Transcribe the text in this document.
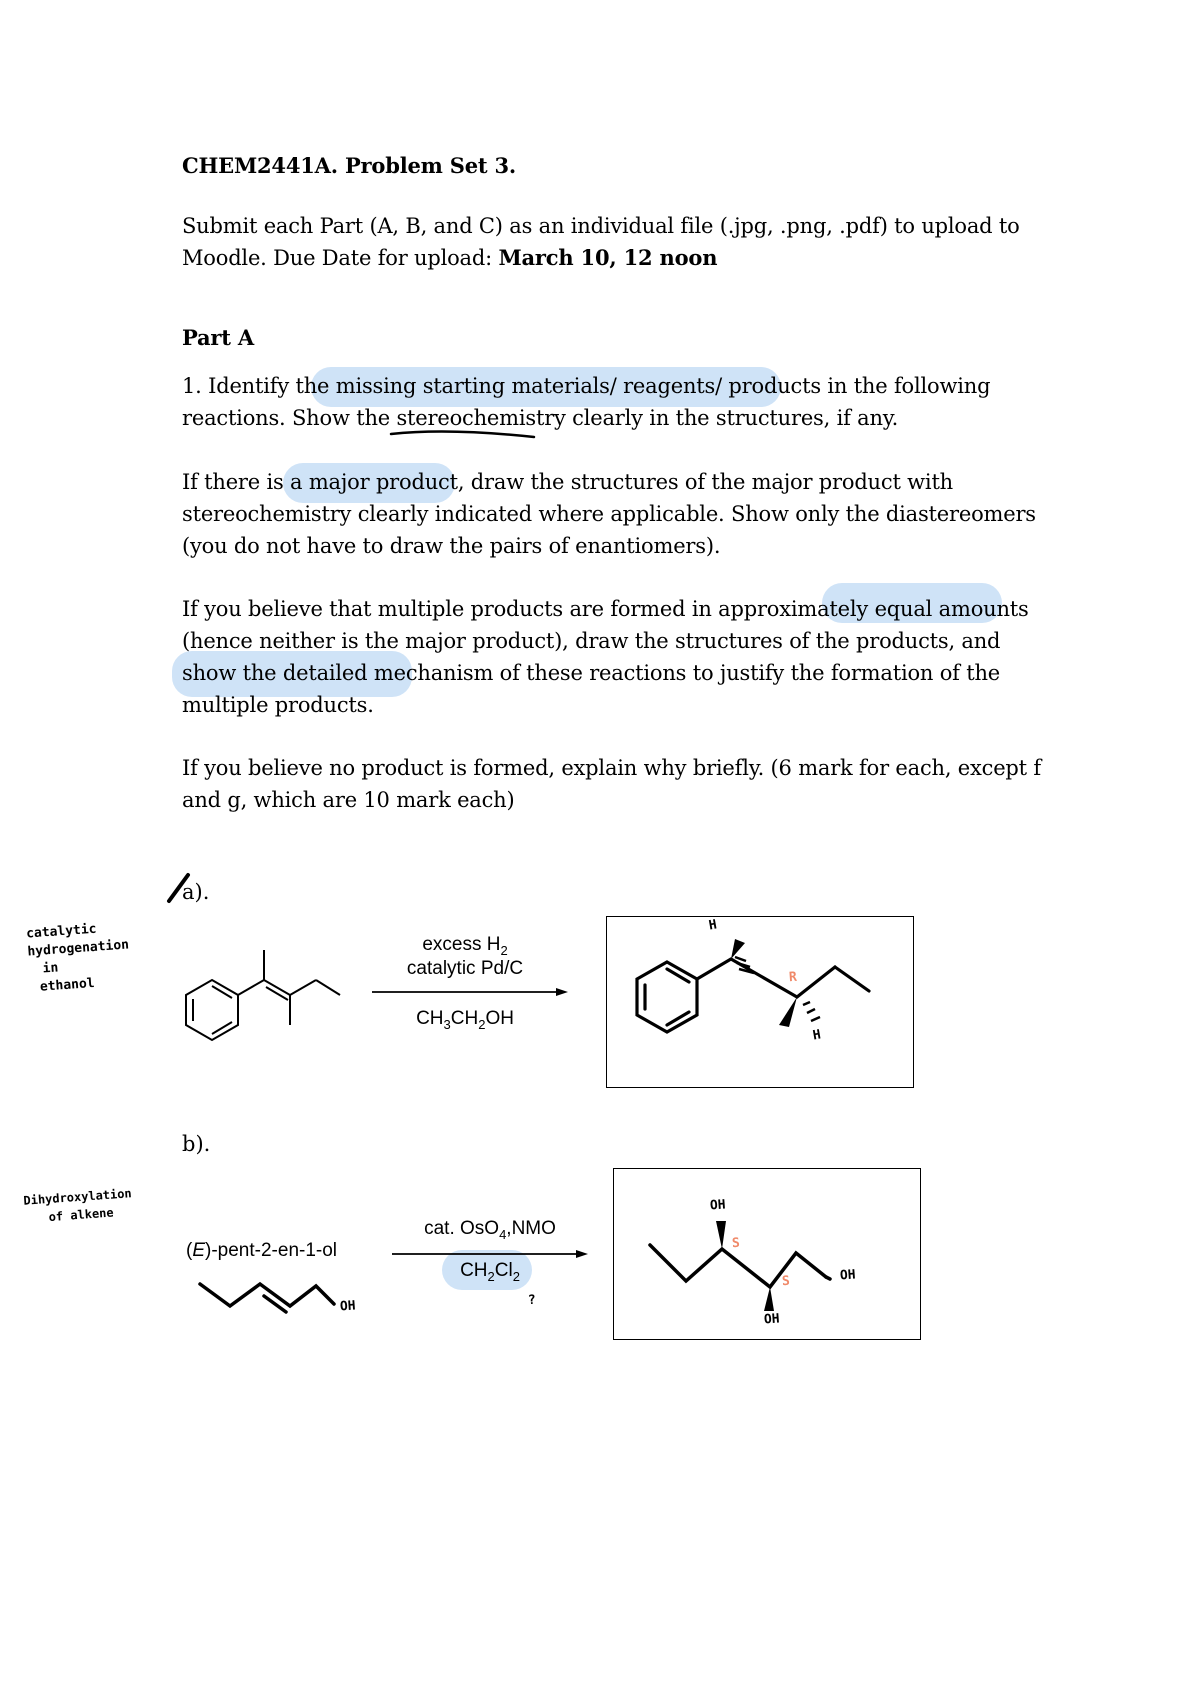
CHEM2441A. Problem Set 3.
Submit each Part (A, B, and C) as an individual file (.jpg, .png, .pdf) to upload to Moodle. Due Date for upload: March 10, 12 noon
Part A
1. Identify the missing starting materials/ reagents/ products in the following reactions. Show the stereochemistry clearly in the structures, if any.
If there is a major product, draw the structures of the major product with stereochemistry clearly indicated where applicable. Show only the diastereomers (you do not have to draw the pairs of enantiomers).
If you believe that multiple products are formed in approximately equal amounts (hence neither is the major product), draw the structures of the products, and show the detailed mechanism of these reactions to justify the formation of the multiple products.
If you believe no product is formed, explain why briefly. (6 mark for each, except f and g, which are 10 mark each)
a).
catalytic
hydrogenation
in
ethanol
excess $H_2$
catalytic Pd/C
$CH_3CH_2OH$
H
H
R
b).
Dihydroxylation
of alkene
(E)-pent-2-en-1-ol
OH
cat. OsO$_4$,NMO
$CH_2Cl_2$
?
OH
OH
OH
S
S
